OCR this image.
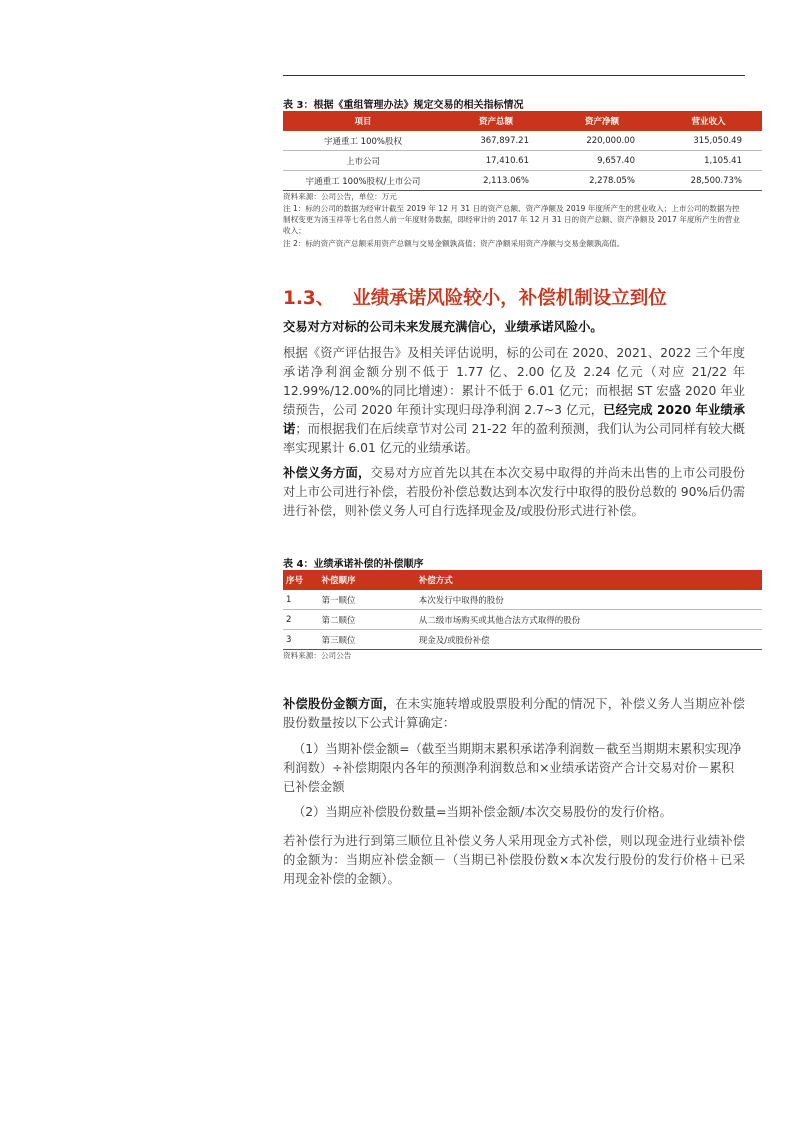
表 3：根据《重组管理办法》规定交易的相关指标情况
项目	资产总额	资产净额	营业收入
宇通重工 100%股权	367,897.21	220,000.00	315,050.49
上市公司	17,410.61	9,657.40	1,105.41
宇通重工 100%股权/上市公司	2,113.06%	2,278.05%	28,500.73%
资料来源：公司公告，单位：万元
注 1：标的公司的数据为经审计截至 2019 年 12 月 31 日的资产总额、资产净额及 2019 年度所产生的营业收入；上市公司的数据为控制权变更为汤玉祥等七名自然人前一年度财务数据，即经审计的 2017 年 12 月 31 日的资产总额、资产净额及 2017 年度所产生的营业收入；
注 2：标的资产资产总额采用资产总额与交易金额孰高值；资产净额采用资产净额与交易金额孰高值。
1.3、 业绩承诺风险较小，补偿机制设立到位
交易对方对标的公司未来发展充满信心，业绩承诺风险小。

根据《资产评估报告》及相关评估说明，标的公司在 2020、2021、2022 三个年度承诺净利润金额分别不低于 1.77 亿、2.00 亿及 2.24 亿元（对应 21/22 年 12.99%/12.00%的同比增速）：累计不低于 6.01 亿元；而根据 ST 宏盛 2020 年业绩预告，公司 2020 年预计实现归母净利润 2.7~3 亿元，已经完成 2020 年业绩承诺；而根据我们在后续章节对公司 21-22 年的盈利预测，我们认为公司同样有较大概率实现累计 6.01 亿元的业绩承诺。

补偿义务方面，交易对方应首先以其在本次交易中取得的并尚未出售的上市公司股份对上市公司进行补偿，若股份补偿总数达到本次发行中取得的股份总数的 90%后仍需进行补偿，则补偿义务人可自行选择现金及/或股份形式进行补偿。

表 4：业绩承诺补偿的补偿顺序
序号	补偿顺序	补偿方式
1	第一顺位	本次发行中取得的股份
2	第二顺位	从二级市场购买或其他合法方式取得的股份
3	第三顺位	现金及/或股份补偿
资料来源：公司公告

补偿股份金额方面，在未实施转增或股票股利分配的情况下，补偿义务人当期应补偿股份数量按以下公式计算确定：

（1）当期补偿金额=（截至当期期末累积承诺净利润数－截至当期期末累积实现净利润数）÷补偿期限内各年的预测净利润数总和×业绩承诺资产合计交易对价－累积已补偿金额

（2）当期应补偿股份数量=当期补偿金额/本次交易股份的发行价格。

若补偿行为进行到第三顺位且补偿义务人采用现金方式补偿，则以现金进行业绩补偿的金额为：当期应补偿金额－（当期已补偿股份数×本次发行股份的发行价格＋已采用现金补偿的金额）。
